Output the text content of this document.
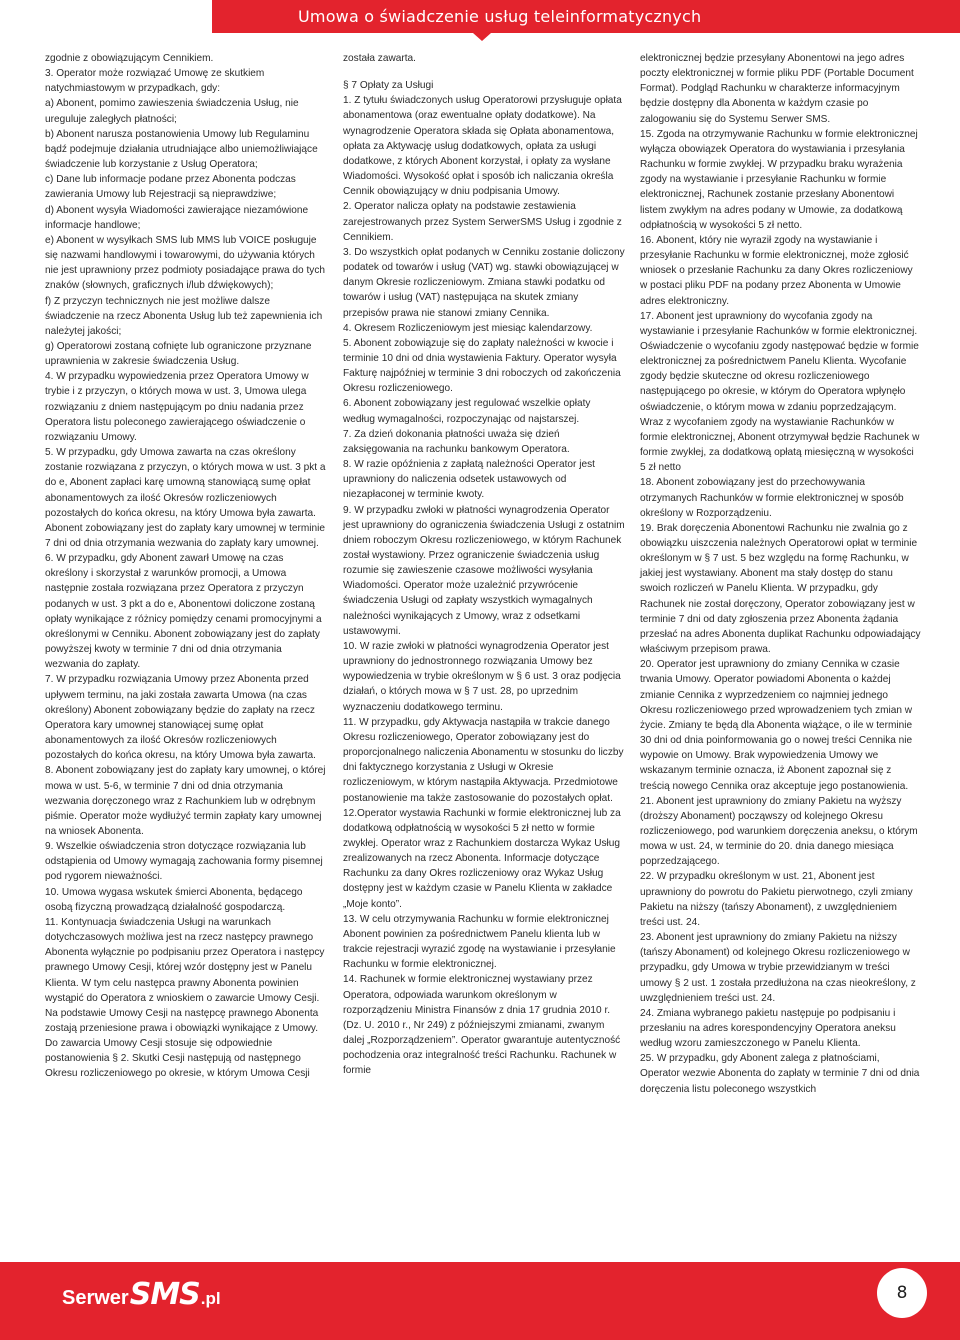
Umowa o świadczenie usług teleinformatycznych

zgodnie z obowiązującym Cennikiem.

3. Operator może rozwiązać Umowę ze skutkiem natychmiastowym w przypadkach, gdy:

a) Abonent, pomimo zawieszenia świadczenia Usług, nie ureguluje zaległych płatności;

b) Abonent narusza postanowienia Umowy lub Regulaminu bądź podejmuje działania utrudniające albo uniemożliwiające świadczenie lub korzystanie z Usług Operatora;

c) Dane lub informacje podane przez Abonenta podczas zawierania Umowy lub Rejestracji są nieprawdziwe;

d) Abonent wysyła Wiadomości zawierające niezamówione informacje handlowe;

e) Abonent w wysyłkach SMS lub MMS lub VOICE posługuje się nazwami handlowymi i towarowymi, do używania których nie jest uprawniony przez podmioty posiadające prawa do tych znaków (słownych, graficznych i/lub dźwiękowych);

f) Z przyczyn technicznych nie jest możliwe dalsze świadczenie na rzecz Abonenta Usług lub też zapewnienia ich należytej jakości;

g) Operatorowi zostaną cofnięte lub ograniczone przyznane uprawnienia w zakresie świadczenia Usług.

4. W przypadku wypowiedzenia przez Operatora Umowy w trybie i z przyczyn, o których mowa w ust. 3, Umowa ulega rozwiązaniu z dniem następującym po dniu nadania przez Operatora listu poleconego zawierającego oświadczenie o rozwiązaniu Umowy.

5. W przypadku, gdy Umowa zawarta na czas określony zostanie rozwiązana z przyczyn, o których mowa w ust. 3 pkt a do e, Abonent zapłaci karę umowną stanowiącą sumę opłat abonamentowych za ilość Okresów rozliczeniowych pozostałych do końca okresu, na który Umowa była zawarta. Abonent zobowiązany jest do zapłaty kary umownej w terminie 7 dni od dnia otrzymania wezwania do zapłaty kary umownej.

6. W przypadku, gdy Abonent zawarł Umowę na czas określony i skorzystał z warunków promocji, a Umowa następnie została rozwiązana przez Operatora z przyczyn podanych w ust. 3 pkt a do e, Abonentowi doliczone zostaną opłaty wynikające z różnicy pomiędzy cenami promocyjnymi a określonymi w Cenniku. Abonent zobowiązany jest do zapłaty powyższej kwoty w terminie 7 dni od dnia otrzymania wezwania do zapłaty.

7. W przypadku rozwiązania Umowy przez Abonenta przed upływem terminu, na jaki została zawarta Umowa (na czas określony) Abonent zobowiązany będzie do zapłaty na rzecz Operatora kary umownej stanowiącej sumę opłat abonamentowych za ilość Okresów rozliczeniowych pozostałych do końca okresu, na który Umowa była zawarta.

8. Abonent zobowiązany jest do zapłaty kary umownej, o której mowa w ust. 5-6, w terminie 7 dni od dnia otrzymania wezwania doręczonego wraz z Rachunkiem lub w odrębnym piśmie. Operator może wydłużyć termin zapłaty kary umownej na wniosek Abonenta.

9. Wszelkie oświadczenia stron dotyczące rozwiązania lub odstąpienia od Umowy wymagają zachowania formy pisemnej pod rygorem nieważności.

10. Umowa wygasa wskutek śmierci Abonenta, będącego osobą fizyczną prowadzącą działalność gospodarczą.

11. Kontynuacja świadczenia Usługi na warunkach dotychczasowych możliwa jest na rzecz następcy prawnego Abonenta wyłącznie po podpisaniu przez Operatora i następcy prawnego Umowy Cesji, której wzór dostępny jest w Panelu Klienta. W tym celu następca prawny Abonenta powinien wystąpić do Operatora z wnioskiem o zawarcie Umowy Cesji. Na podstawie Umowy Cesji na następcę prawnego Abonenta zostają przeniesione prawa i obowiązki wynikające z Umowy. Do zawarcia Umowy Cesji stosuje się odpowiednie postanowienia § 2. Skutki Cesji następują od następnego Okresu rozliczeniowego po okresie, w którym Umowa Cesji

została zawarta.

§ 7 Opłaty za Usługi

1. Z tytułu świadczonych usług Operatorowi przysługuje opłata abonamentowa (oraz ewentualne opłaty dodatkowe). Na wynagrodzenie Operatora składa się Opłata abonamentowa, opłata za Aktywację usług dodatkowych, opłata za usługi dodatkowe, z których Abonent korzystał, i opłaty za wysłane Wiadomości. Wysokość opłat i sposób ich naliczania określa Cennik obowiązujący w dniu podpisania Umowy.

2. Operator nalicza opłaty na podstawie zestawienia zarejestrowanych przez System SerwerSMS Usług i zgodnie z Cennikiem.

3. Do wszystkich opłat podanych w Cenniku zostanie doliczony podatek od towarów i usług (VAT) wg. stawki obowiązującej w danym Okresie rozliczeniowym. Zmiana stawki podatku od towarów i usług (VAT) następująca na skutek zmiany przepisów prawa nie stanowi zmiany Cennika.

4. Okresem Rozliczeniowym jest miesiąc kalendarzowy.

5. Abonent zobowiązuje się do zapłaty należności w kwocie i terminie 10 dni od dnia wystawienia Faktury. Operator wysyła Fakturę najpóźniej w terminie 3 dni roboczych od zakończenia Okresu rozliczeniowego.

6. Abonent zobowiązany jest regulować wszelkie opłaty według wymagalności, rozpoczynając od najstarszej.

7. Za dzień dokonania płatności uważa się dzień zaksięgowania na rachunku bankowym Operatora.

8. W razie opóźnienia z zapłatą należności Operator jest uprawniony do naliczenia odsetek ustawowych od niezapłaconej w terminie kwoty.

9. W przypadku zwłoki w płatności wynagrodzenia Operator jest uprawniony do ograniczenia świadczenia Usługi z ostatnim dniem roboczym Okresu rozliczeniowego, w którym Rachunek został wystawiony. Przez ograniczenie świadczenia usług rozumie się zawieszenie czasowe możliwości wysyłania Wiadomości. Operator może uzależnić przywrócenie świadczenia Usługi od zapłaty wszystkich wymagalnych należności wynikających z Umowy, wraz z odsetkami ustawowymi.

10. W razie zwłoki w płatności wynagrodzenia Operator jest uprawniony do jednostronnego rozwiązania Umowy bez wypowiedzenia w trybie określonym w § 6 ust. 3 oraz podjęcia działań, o których mowa w § 7 ust. 28, po uprzednim wyznaczeniu dodatkowego terminu.

11. W przypadku, gdy Aktywacja nastąpiła w trakcie danego Okresu rozliczeniowego, Operator zobowiązany jest do proporcjonalnego naliczenia Abonamentu w stosunku do liczby dni faktycznego korzystania z Usługi w Okresie rozliczeniowym, w którym nastąpiła Aktywacja. Przedmiotowe postanowienie ma także zastosowanie do pozostałych opłat.

12.Operator wystawia Rachunki w formie elektronicznej lub za dodatkową odpłatnością w wysokości 5 zł netto w formie zwykłej. Operator wraz z Rachunkiem dostarcza Wykaz Usług zrealizowanych na rzecz Abonenta. Informacje dotyczące Rachunku za dany Okres rozliczeniowy oraz Wykaz Usług dostępny jest w każdym czasie w Panelu Klienta w zakładce „Moje konto”.

13. W celu otrzymywania Rachunku w formie elektronicznej Abonent powinien za pośrednictwem Panelu klienta lub w trakcie rejestracji wyrazić zgodę na wystawianie i przesyłanie Rachunku w formie elektronicznej.

14. Rachunek w formie elektronicznej wystawiany przez Operatora, odpowiada warunkom określonym w rozporządzeniu Ministra Finansów z dnia 17 grudnia 2010 r. (Dz. U. 2010 r., Nr 249) z późniejszymi zmianami, zwanym dalej „Rozporządzeniem”. Operator gwarantuje autentyczność pochodzenia oraz integralność treści Rachunku. Rachunek w formie

elektronicznej będzie przesyłany Abonentowi na jego adres poczty elektronicznej w formie pliku PDF (Portable Document Format). Podgląd Rachunku w charakterze informacyjnym będzie dostępny dla Abonenta w każdym czasie po zalogowaniu się do Systemu Serwer SMS.

15. Zgoda na otrzymywanie Rachunku w formie elektronicznej wyłącza obowiązek Operatora do wystawiania i przesyłania Rachunku w formie zwykłej. W przypadku braku wyrażenia zgody na wystawianie i przesyłanie Rachunku w formie elektronicznej, Rachunek zostanie przesłany Abonentowi listem zwykłym na adres podany w Umowie, za dodatkową odpłatnością w wysokości 5 zł netto.

16. Abonent, który nie wyraził zgody na wystawianie i przesyłanie Rachunku w formie elektronicznej, może zgłosić wniosek o przesłanie Rachunku za dany Okres rozliczeniowy w postaci pliku PDF na podany przez Abonenta w Umowie adres elektroniczny.

17. Abonent jest uprawniony do wycofania zgody na wystawianie i przesyłanie Rachunków w formie elektronicznej. Oświadczenie o wycofaniu zgody następować będzie w formie elektronicznej za pośrednictwem Panelu Klienta. Wycofanie zgody będzie skuteczne od okresu rozliczeniowego następującego po okresie, w którym do Operatora wpłynęło oświadczenie, o którym mowa w zdaniu poprzedzającym. Wraz z wycofaniem zgody na wystawianie Rachunków w formie elektronicznej, Abonent otrzymywał będzie Rachunek w formie zwykłej, za dodatkową opłatą miesięczną w wysokości 5 zł netto

18. Abonent zobowiązany jest do przechowywania otrzymanych Rachunków w formie elektronicznej w sposób określony w Rozporządzeniu.

19. Brak doręczenia Abonentowi Rachunku nie zwalnia go z obowiązku uiszczenia należnych Operatorowi opłat w terminie określonym w § 7 ust. 5 bez względu na formę Rachunku, w jakiej jest wystawiany. Abonent ma stały dostęp do stanu swoich rozliczeń w Panelu Klienta. W przypadku, gdy Rachunek nie został doręczony, Operator zobowiązany jest w terminie 7 dni od daty zgłoszenia przez Abonenta żądania przesłać na adres Abonenta duplikat Rachunku odpowiadający właściwym przepisom prawa.

20. Operator jest uprawniony do zmiany Cennika w czasie trwania Umowy. Operator powiadomi Abonenta o każdej zmianie Cennika z wyprzedzeniem co najmniej jednego Okresu rozliczeniowego przed wprowadzeniem tych zmian w życie. Zmiany te będą dla Abonenta wiążące, o ile w terminie 30 dni od dnia poinformowania go o nowej treści Cennika nie wypowie on Umowy. Brak wypowiedzenia Umowy we wskazanym terminie oznacza, iż Abonent zapoznał się z treścią nowego Cennika oraz akceptuje jego postanowienia.

21. Abonent jest uprawniony do zmiany Pakietu na wyższy (droższy Abonament) począwszy od kolejnego Okresu rozliczeniowego, pod warunkiem doręczenia aneksu, o którym mowa w ust. 24, w terminie do 20. dnia danego miesiąca poprzedzającego.

22. W przypadku określonym w ust. 21, Abonent jest uprawniony do powrotu do Pakietu pierwotnego, czyli zmiany Pakietu na niższy (tańszy Abonament), z uwzględnieniem treści ust. 24.

23. Abonent jest uprawniony do zmiany Pakietu na niższy (tańszy Abonament) od kolejnego Okresu rozliczeniowego w przypadku, gdy Umowa w trybie przewidzianym w treści umowy § 2 ust. 1 została przedłużona na czas nieokreślony, z uwzględnieniem treści ust. 24.

24. Zmiana wybranego pakietu następuje po podpisaniu i przesłaniu na adres korespondencyjny Operatora aneksu według wzoru zamieszczonego w Panelu Klienta.

25. W przypadku, gdy Abonent zalega z płatnościami, Operator wezwie Abonenta do zapłaty w terminie 7 dni od dnia doręczenia listu poleconego wszystkich

Serwer SMS .pl	8
